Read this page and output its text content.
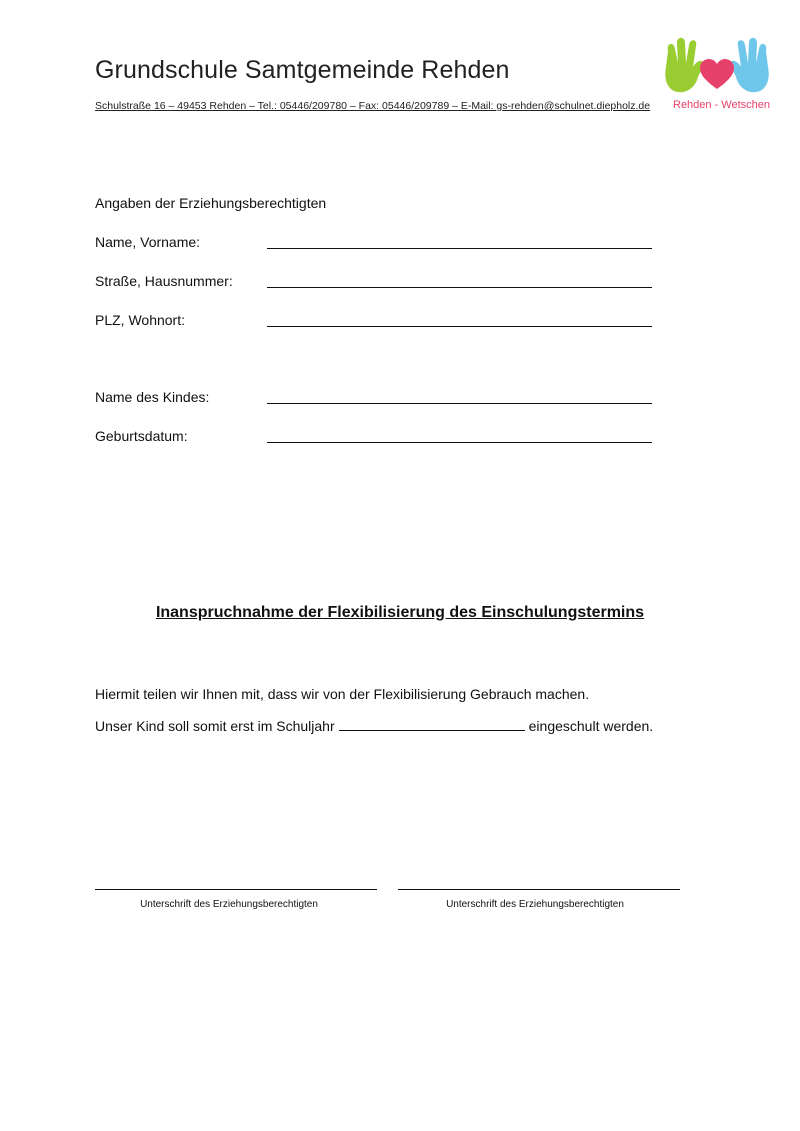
Grundschule Samtgemeinde Rehden
Schulstraße 16 – 49453 Rehden – Tel.: 05446/209780 – Fax: 05446/209789 – E-Mail: gs-rehden@schulnet.diepholz.de Rehden - Wetschen
Angaben der Erziehungsberechtigten
Name, Vorname:
Straße, Hausnummer:
PLZ, Wohnort:
Name des Kindes:
Geburtsdatum:
Inanspruchnahme der Flexibilisierung des Einschulungstermins
Hiermit teilen wir Ihnen mit, dass wir von der Flexibilisierung Gebrauch machen.
Unser Kind soll somit erst im Schuljahr	eingeschult werden.
Unterschrift des Erziehungsberechtigten	Unterschrift des Erziehungsberechtigten
